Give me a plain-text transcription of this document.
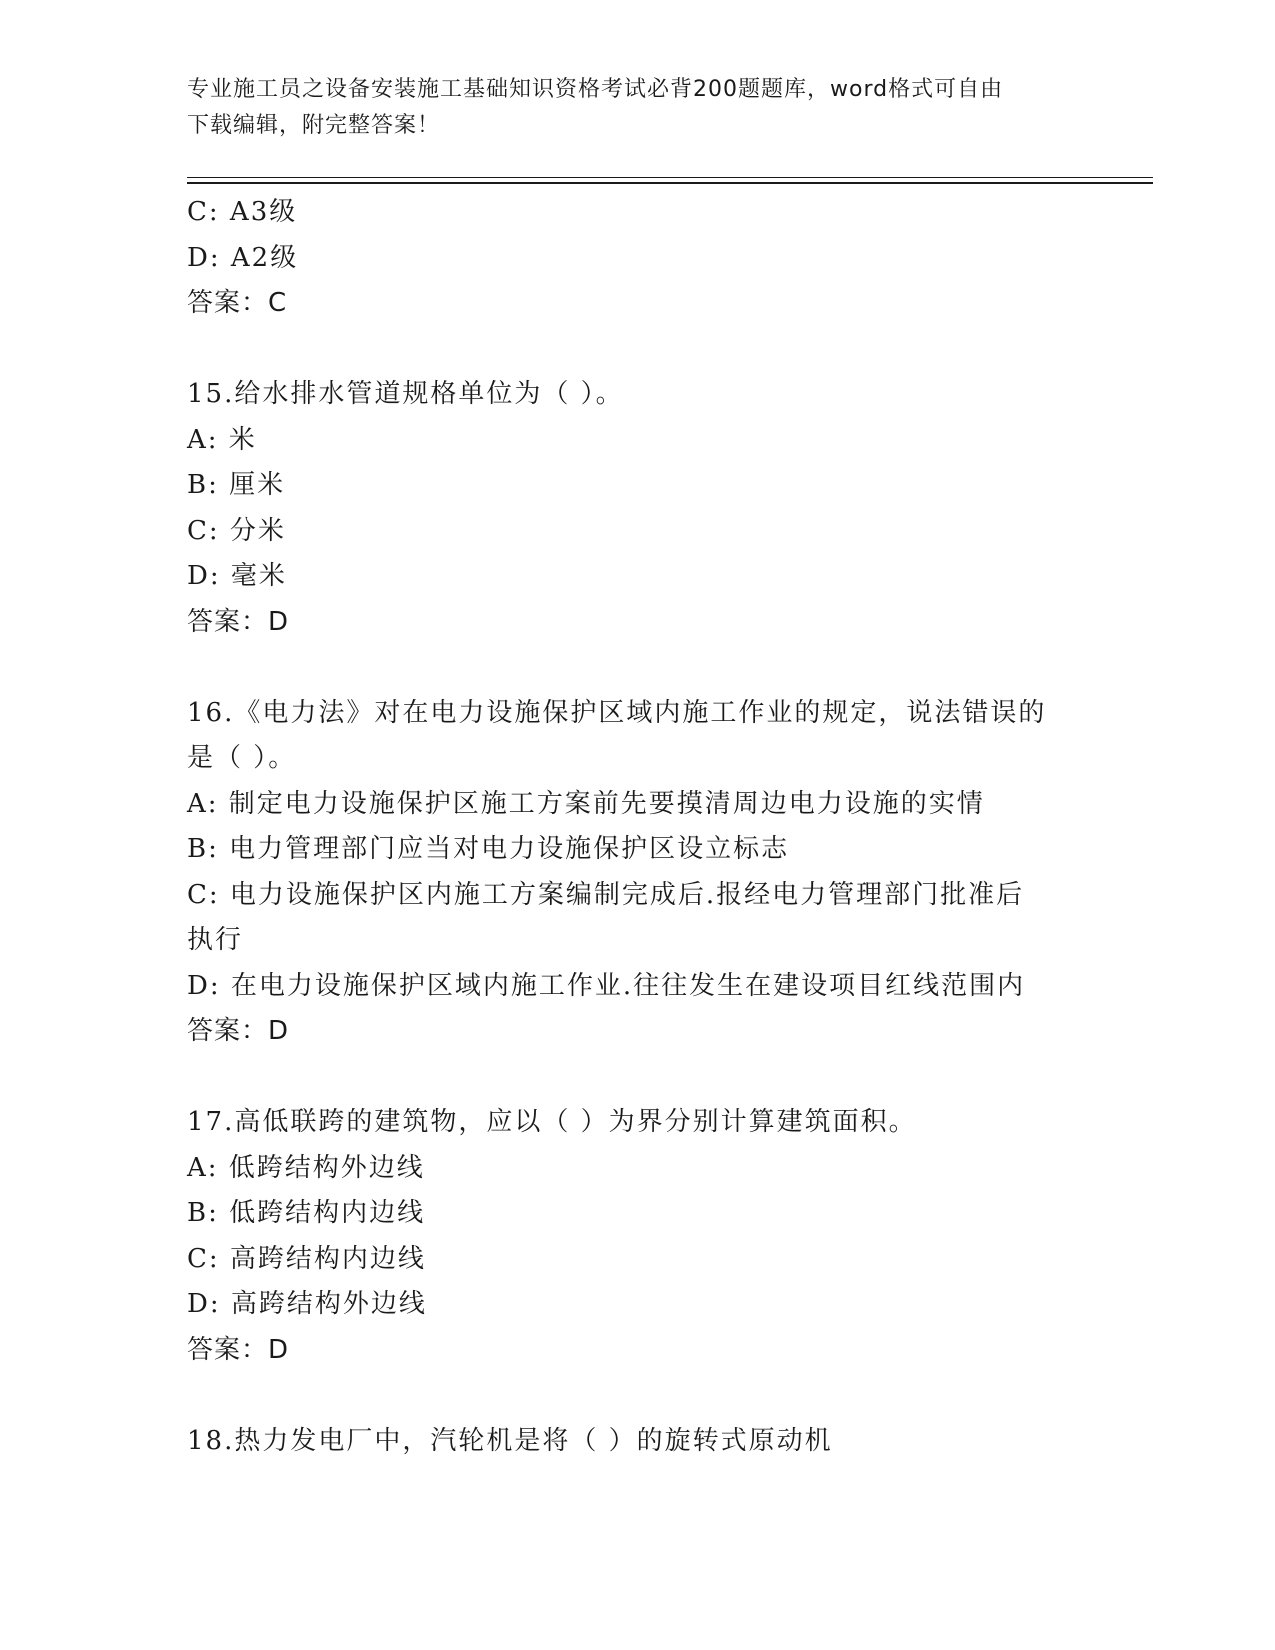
专业施工员之设备安装施工基础知识资格考试必背200题题库，word格式可自由
下载编辑，附完整答案！
C: A3级
D: A2级
答案：C
15.给水排水管道规格单位为（ ）。
A: 米
B: 厘米
C: 分米
D: 毫米
答案：D
16.《电力法》对在电力设施保护区域内施工作业的规定，说法错误的
是（ ）。
A: 制定电力设施保护区施工方案前先要摸清周边电力设施的实情
B: 电力管理部门应当对电力设施保护区设立标志
C: 电力设施保护区内施工方案编制完成后.报经电力管理部门批准后
执行
D: 在电力设施保护区域内施工作业.往往发生在建设项目红线范围内
答案：D
17.高低联跨的建筑物，应以（ ）为界分别计算建筑面积。
A: 低跨结构外边线
B: 低跨结构内边线
C: 高跨结构内边线
D: 高跨结构外边线
答案：D
18.热力发电厂中，汽轮机是将（ ）的旋转式原动机
